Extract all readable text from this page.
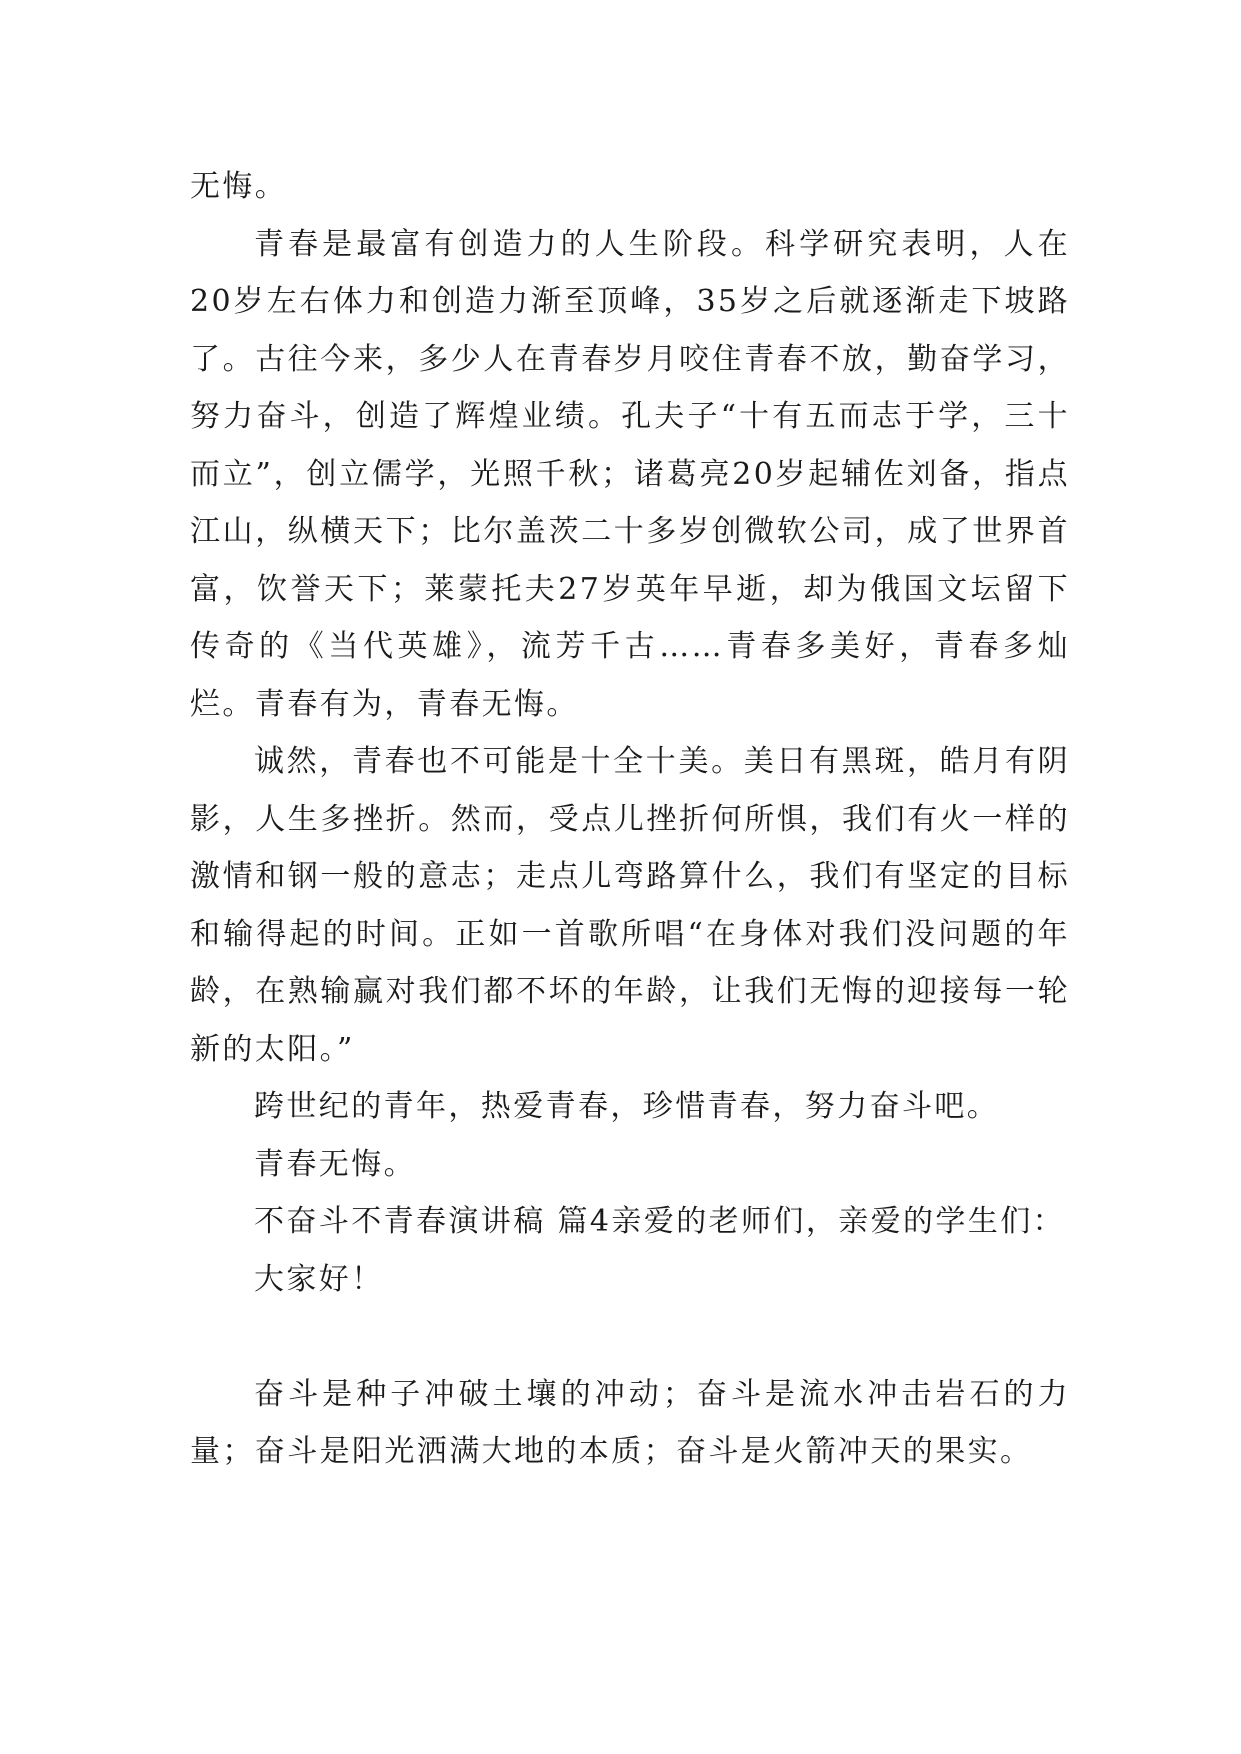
无悔。

青春是最富有创造力的人生阶段。科学研究表明，人在20岁左右体力和创造力渐至顶峰，35岁之后就逐渐走下坡路了。古往今来，多少人在青春岁月咬住青春不放，勤奋学习，努力奋斗，创造了辉煌业绩。孔夫子“十有五而志于学，三十而立”，创立儒学，光照千秋；诸葛亮20岁起辅佐刘备，指点江山，纵横天下；比尔盖茨二十多岁创微软公司，成了世界首富，饮誉天下；莱蒙托夫27岁英年早逝，却为俄国文坛留下传奇的《当代英雄》，流芳千古……青春多美好，青春多灿烂。青春有为，青春无悔。

诚然，青春也不可能是十全十美。美日有黑斑，皓月有阴影，人生多挫折。然而，受点儿挫折何所惧，我们有火一样的激情和钢一般的意志；走点儿弯路算什么，我们有坚定的目标和输得起的时间。正如一首歌所唱“在身体对我们没问题的年龄，在熟输赢对我们都不坏的年龄，让我们无悔的迎接每一轮新的太阳。”

跨世纪的青年，热爱青春，珍惜青春，努力奋斗吧。

青春无悔。

不奋斗不青春演讲稿 篇4亲爱的老师们，亲爱的学生们：

大家好！

奋斗是种子冲破土壤的冲动；奋斗是流水冲击岩石的力量；奋斗是阳光洒满大地的本质；奋斗是火箭冲天的果实。
